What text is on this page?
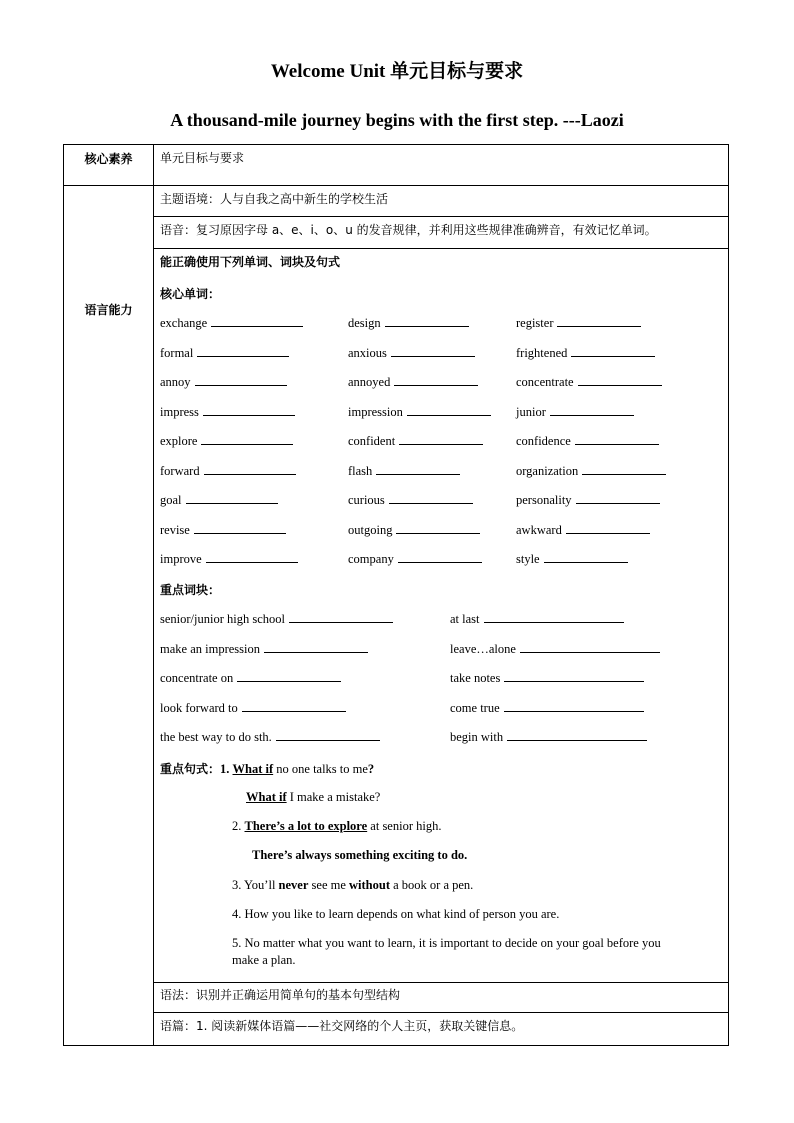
Welcome Unit 单元目标与要求
A thousand-mile journey begins with the first step. ---Laozi
核心素养	单元目标与要求
语言能力
主题语境：人与自我之高中新生的学校生活
语音：复习原因字母 a、e、i、o、u 的发音规律，并利用这些规律准确辨音，有效记忆单词。
能正确使用下列单词、词块及句式
核心单词：
exchange	design	register
formal	anxious	frightened
annoy	annoyed	concentrate
impress	impression	junior
explore	confident	confidence
forward	flash	organization
goal	curious	personality
revise	outgoing	awkward
improve	company	style
重点词块：
senior/junior high school	at last
make an impression	leave…alone
concentrate on	take notes
look forward to	come true
the best way to do sth.	begin with
重点句式：1. What if no one talks to me?
What if I make a mistake?
2. There’s a lot to explore at senior high.
There’s always something exciting to do.
3. You’ll never see me without a book or a pen.
4. How you like to learn depends on what kind of person you are.
5. No matter what you want to learn, it is important to decide on your goal before you
make a plan.
语法：识别并正确运用简单句的基本句型结构
语篇：1. 阅读新媒体语篇——社交网络的个人主页，获取关键信息。
